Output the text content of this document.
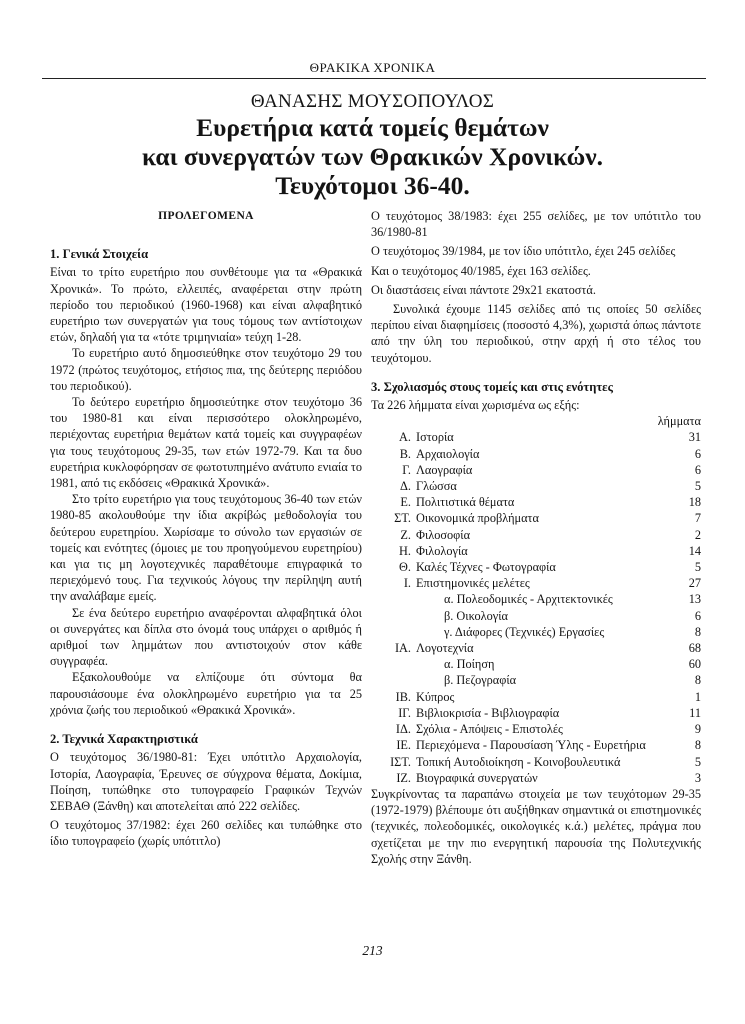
ΘΡΑΚΙΚΑ ΧΡΟΝΙΚΑ
ΘΑΝΑΣΗΣ ΜΟΥΣΟΠΟΥΛΟΣ
Ευρετήρια κατά τομείς θεμάτων
και συνεργατών των Θρακικών Χρονικών.
Τευχότομοι 36-40.
ΠΡΟΛΕΓΟΜΕΝΑ
1. Γενικά Στοιχεία

Είναι το τρίτο ευρετήριο που συνθέτουμε για τα «Θρακικά Χρονικά». Το πρώτο, ελλειπές, αναφέρεται στην πρώτη περίοδο του περιοδικού (1960-1968) και είναι αλφαβητικό ευρετήριο των συνεργατών για τους τόμους των αντίστοιχων ετών, δηλαδή για τα «τότε τριμηνιαία» τεύχη 1-28.

Το ευρετήριο αυτό δημοσιεύθηκε στον τευχότομο 29 του 1972 (πρώτος τευχότομος, ετήσιος πια, της δεύτερης περιόδου του περιοδικού).

Το δεύτερο ευρετήριο δημοσιεύτηκε στον τευχότομο 36 του 1980-81 και είναι περισσότερο ολοκληρωμένο, περιέχοντας ευρετήρια θεμάτων κατά τομείς και συγγραφέων για τους τευχότομους 29-35, των ετών 1972-79. Και τα δυο ευρετήρια κυκλοφόρησαν σε φωτοτυπημένο ανάτυπο ενιαία το 1981, από τις εκδόσεις «Θρακικά Χρονικά».

Στο τρίτο ευρετήριο για τους τευχότομους 36-40 των ετών 1980-85 ακολουθούμε την ίδια ακρίβώς μεθοδολογία του δεύτερου ευρετηρίου. Χωρίσαμε το σύνολο των εργασιών σε τομείς και ενότητες (όμοιες με του προηγούμενου ευρετηρίου) και για τις μη λογοτεχνικές παραθέτουμε επιγραφικά το περιεχόμενό τους. Για τεχνικούς λόγους την περίληψη αυτή την αναλάβαμε εμείς.

Σε ένα δεύτερο ευρετήριο αναφέρονται αλφαβητικά όλοι οι συνεργάτες και δίπλα στο όνομά τους υπάρχει ο αριθμός ή αριθμοί των λημμάτων που αντιστοιχούν στον κάθε συγγραφέα.

Εξακολουθούμε να ελπίζουμε ότι σύντομα θα παρουσιάσουμε ένα ολοκληρωμένο ευρετήριο για τα 25 χρόνια ζωής του περιοδικού «Θρακικά Χρονικά».

2. Τεχνικά Χαρακτηριστικά

Ο τευχότομος 36/1980-81: Έχει υπότιτλο Αρχαιολογία, Ιστορία, Λαογραφία, Έρευνες σε σύγχρονα θέματα, Δοκίμια, Ποίηση, τυπώθηκε στο τυπογραφείο Γραφικών Τεχνών ΣΕΒΑΘ (Ξάνθη) και αποτελείται από 222 σελίδες.

Ο τευχότομος 37/1982: έχει 260 σελίδες και τυπώθηκε στο ίδιο τυπογραφείο (χωρίς υπότιτλο)

Ο τευχότομος 38/1983: έχει 255 σελίδες, με τον υπότιτλο του 36/1980-81

Ο τευχότομος 39/1984, με τον ίδιο υπότιτλο, έχει 245 σελίδες

Και ο τευχότομος 40/1985, έχει 163 σελίδες.

Οι διαστάσεις είναι πάντοτε 29x21 εκατοστά.

Συνολικά έχουμε 1145 σελίδες από τις οποίες 50 σελίδες περίπου είναι διαφημίσεις (ποσοστό 4,3%), χωριστά όπως πάντοτε από την ύλη του περιοδικού, στην αρχή ή στο τέλος του τευχότομου.

3. Σχολιασμός στους τομείς και στις ενότητες

Τα 226 λήμματα είναι χωρισμένα ως εξής:

λήμματα
Α.	Ιστορία	31
Β.	Αρχαιολογία	6
Γ.	Λαογραφία	6
Δ.	Γλώσσα	5
Ε.	Πολιτιστικά θέματα	18
ΣΤ.	Οικονομικά προβλήματα	7
Ζ.	Φιλοσοφία	2
Η.	Φιλολογία	14
Θ.	Καλές Τέχνες - Φωτογραφία	5
Ι.	Επιστημονικές μελέτες	27
	α. Πολεοδομικές - Αρχιτεκτονικές	13
	β. Οικολογία	6
	γ. Διάφορες (Τεχνικές) Εργασίες	8
ΙΑ.	Λογοτεχνία	68
	α. Ποίηση	60
	β. Πεζογραφία	8
ΙΒ.	Κύπρος	1
ΙΓ.	Βιβλιοκρισία - Βιβλιογραφία	11
ΙΔ.	Σχόλια - Απόψεις - Επιστολές	9
ΙΕ.	Περιεχόμενα - Παρουσίαση Ύλης - Ευρετήρια	8
ΙΣΤ.	Τοπική Αυτοδιοίκηση - Κοινοβουλευτικά	5
ΙΖ.	Βιογραφικά συνεργατών	3

Συγκρίνοντας τα παραπάνω στοιχεία με των τευχότομων 29-35 (1972-1979) βλέπουμε ότι αυξήθηκαν σημαντικά οι επιστημονικές (τεχνικές, πολεοδομικές, οικολογικές κ.ά.) μελέτες, πράγμα που σχετίζεται με την πιο ενεργητική παρουσία της Πολυτεχνικής Σχολής στην Ξάνθη.

213
